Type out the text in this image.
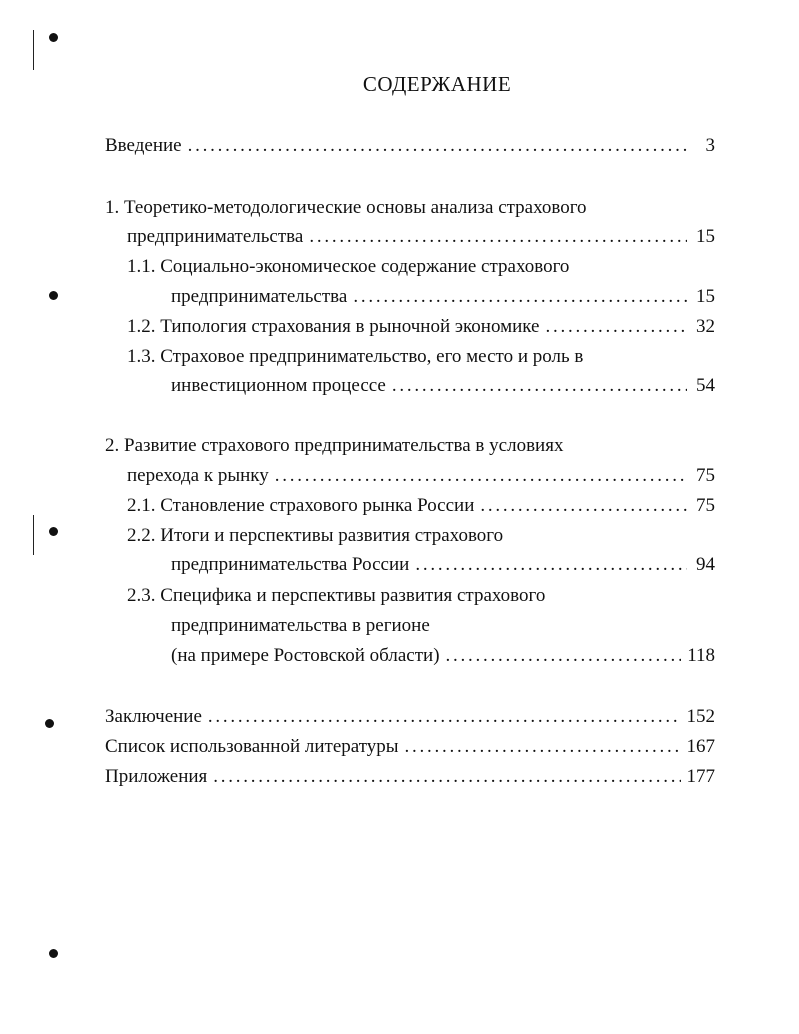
СОДЕРЖАНИЕ
Введение . . .	3
1. Теоретико-методологические основы анализа страхового
предпринимательства . . .	15
1.1. Социально-экономическое содержание страхового
предпринимательства . . .	15
1.2. Типология страхования в рыночной экономике . . .	32
1.3. Страховое предпринимательство, его место и роль в
инвестиционном процессе . . .	54
2. Развитие страхового предпринимательства в условиях
перехода к рынку . . .	75
2.1. Становление страхового рынка России . . .	75
2.2. Итоги и перспективы развития страхового
предпринимательства России . . .	94
2.3. Специфика и перспективы развития страхового
предпринимательства в регионе
(на примере Ростовской области) . . .	118
Заключение . . .	152
Список использованной литературы . . .	167
Приложения . . .	177
